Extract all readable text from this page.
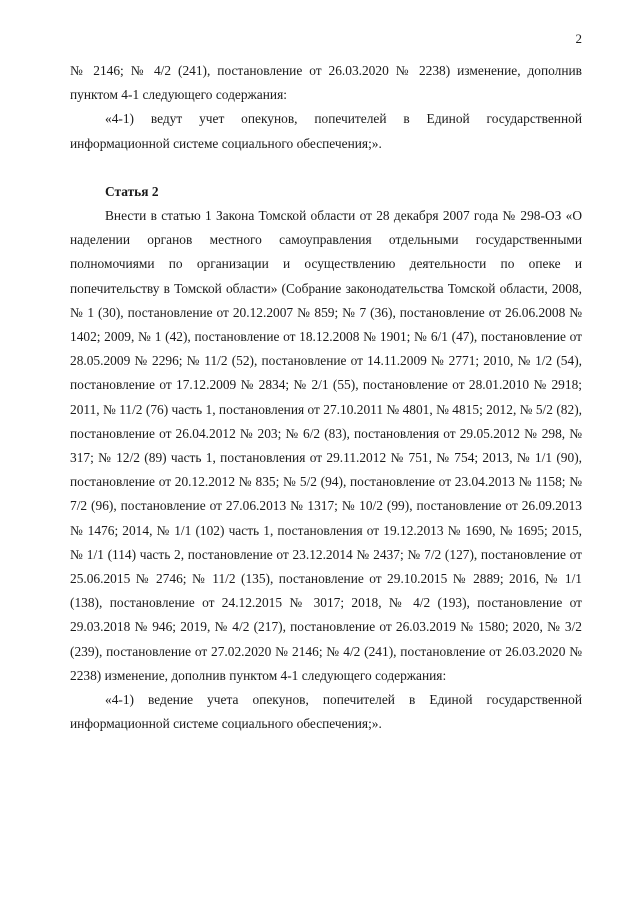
2

№ 2146; № 4/2 (241), постановление от 26.03.2020 № 2238) изменение, дополнив пунктом 4-1 следующего содержания:

«4-1) ведут учет опекунов, попечителей в Единой государственной информационной системе социального обеспечения;».

Статья 2

Внести в статью 1 Закона Томской области от 28 декабря 2007 года № 298-ОЗ «О наделении органов местного самоуправления отдельными государственными полномочиями по организации и осуществлению деятельности по опеке и попечительству в Томской области» (Собрание законодательства Томской области, 2008, № 1 (30), постановление от 20.12.2007 № 859; № 7 (36), постановление от 26.06.2008 № 1402; 2009, № 1 (42), постановление от 18.12.2008 № 1901; № 6/1 (47), постановление от 28.05.2009 № 2296; № 11/2 (52), постановление от 14.11.2009 № 2771; 2010, № 1/2 (54), постановление от 17.12.2009 № 2834; № 2/1 (55), постановление от 28.01.2010 № 2918; 2011, № 11/2 (76) часть 1, постановления от 27.10.2011 № 4801, № 4815; 2012, № 5/2 (82), постановление от 26.04.2012 № 203; № 6/2 (83), постановления от 29.05.2012 № 298, № 317; № 12/2 (89) часть 1, постановления от 29.11.2012 № 751, № 754; 2013, № 1/1 (90), постановление от 20.12.2012 № 835; № 5/2 (94), постановление от 23.04.2013 № 1158; № 7/2 (96), постановление от 27.06.2013 № 1317; № 10/2 (99), постановление от 26.09.2013 № 1476; 2014, № 1/1 (102) часть 1, постановления от 19.12.2013 № 1690, № 1695; 2015, № 1/1 (114) часть 2, постановление от 23.12.2014 № 2437; № 7/2 (127), постановление от 25.06.2015 № 2746; № 11/2 (135), постановление от 29.10.2015 № 2889; 2016, № 1/1 (138), постановление от 24.12.2015 № 3017; 2018, № 4/2 (193), постановление от 29.03.2018 № 946; 2019, № 4/2 (217), постановление от 26.03.2019 № 1580; 2020, № 3/2 (239), постановление от 27.02.2020 № 2146; № 4/2 (241), постановление от 26.03.2020 № 2238) изменение, дополнив пунктом 4-1 следующего содержания:

«4-1) ведение учета опекунов, попечителей в Единой государственной информационной системе социального обеспечения;».
